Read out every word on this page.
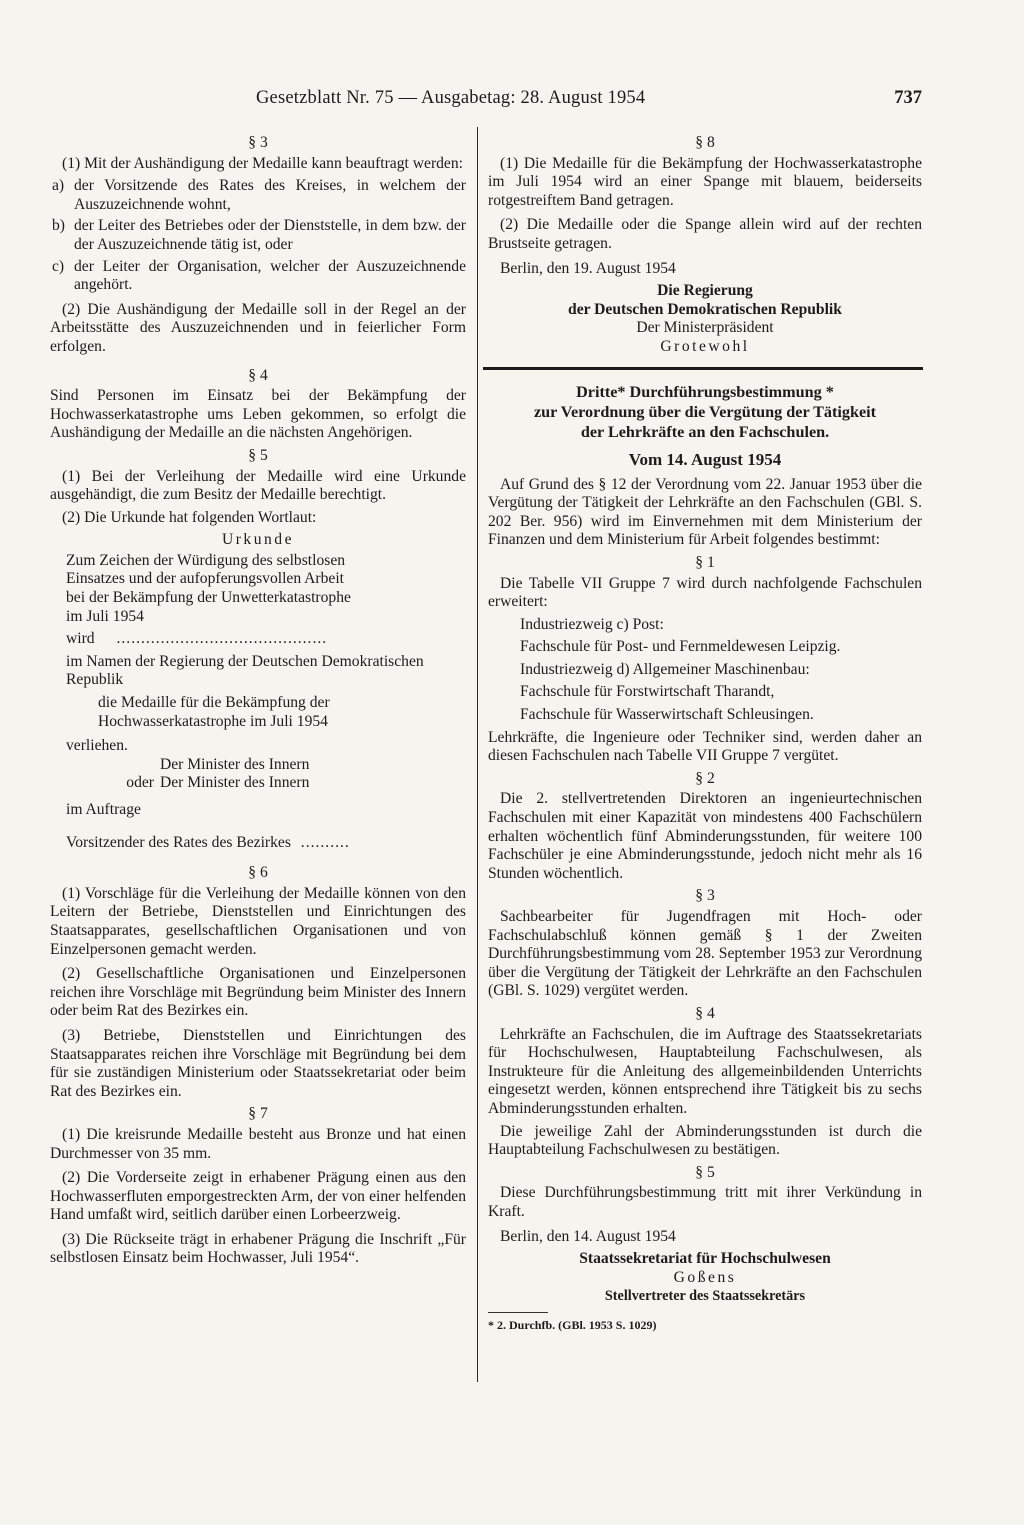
Gesetzblatt Nr. 75 — Ausgabetag: 28. August 1954	737

§ 3

(1) Mit der Aushändigung der Medaille kann beauftragt werden:

a) der Vorsitzende des Rates des Kreises, in welchem der Auszuzeichnende wohnt,
b) der Leiter des Betriebes oder der Dienststelle, in dem bzw. der der Auszuzeichnende tätig ist, oder
c) der Leiter der Organisation, welcher der Auszuzeichnende angehört.

(2) Die Aushändigung der Medaille soll in der Regel an der Arbeitsstätte des Auszuzeichnenden und in feierlicher Form erfolgen.

§ 4

Sind Personen im Einsatz bei der Bekämpfung der Hochwasserkatastrophe ums Leben gekommen, so erfolgt die Aushändigung der Medaille an die nächsten Angehörigen.

§ 5

(1) Bei der Verleihung der Medaille wird eine Urkunde ausgehändigt, die zum Besitz der Medaille berechtigt.

(2) Die Urkunde hat folgenden Wortlaut:

Urkunde

Zum Zeichen der Würdigung des selbstlosen

Einsatzes und der aufopferungsvollen Arbeit

bei der Bekämpfung der Unwetterkatastrophe

im Juli 1954

wird ...........................................

im Namen der Regierung der Deutschen Demokratischen Republik

die Medaille für die Bekämpfung der

Hochwasserkatastrophe im Juli 1954

verliehen.

Der Minister des Innern
oder Der Minister des Innern

im Auftrage

Vorsitzender des Rates des Bezirkes ..........

§ 6

(1) Vorschläge für die Verleihung der Medaille können von den Leitern der Betriebe, Dienststellen und Einrichtungen des Staatsapparates, gesellschaftlichen Organisationen und von Einzelpersonen gemacht werden.

(2) Gesellschaftliche Organisationen und Einzelpersonen reichen ihre Vorschläge mit Begründung beim Minister des Innern oder beim Rat des Bezirkes ein.

(3) Betriebe, Dienststellen und Einrichtungen des Staatsapparates reichen ihre Vorschläge mit Begründung bei dem für sie zuständigen Ministerium oder Staatssekretariat oder beim Rat des Bezirkes ein.

§ 7

(1) Die kreisrunde Medaille besteht aus Bronze und hat einen Durchmesser von 35 mm.

(2) Die Vorderseite zeigt in erhabener Prägung einen aus den Hochwasserfluten emporgestreckten Arm, der von einer helfenden Hand umfaßt wird, seitlich darüber einen Lorbeerzweig.

(3) Die Rückseite trägt in erhabener Prägung die Inschrift „Für selbstlosen Einsatz beim Hochwasser, Juli 1954“.

§ 8

(1) Die Medaille für die Bekämpfung der Hochwasserkatastrophe im Juli 1954 wird an einer Spange mit blauem, beiderseits rotgestreiftem Band getragen.

(2) Die Medaille oder die Spange allein wird auf der rechten Brustseite getragen.

Berlin, den 19. August 1954

Die Regierung

der Deutschen Demokratischen Republik

Der Ministerpräsident

Grotewohl

Dritte* Durchführungsbestimmung *

zur Verordnung über die Vergütung der Tätigkeit

der Lehrkräfte an den Fachschulen.

Vom 14. August 1954

Auf Grund des § 12 der Verordnung vom 22. Januar 1953 über die Vergütung der Tätigkeit der Lehrkräfte an den Fachschulen (GBl. S. 202 Ber. 956) wird im Einvernehmen mit dem Ministerium der Finanzen und dem Ministerium für Arbeit folgendes bestimmt:

§ 1

Die Tabelle VII Gruppe 7 wird durch nachfolgende Fachschulen erweitert:

Industriezweig c) Post:

Fachschule für Post- und Fernmeldewesen Leipzig.

Industriezweig d) Allgemeiner Maschinenbau:

Fachschule für Forstwirtschaft Tharandt,

Fachschule für Wasserwirtschaft Schleusingen.

Lehrkräfte, die Ingenieure oder Techniker sind, werden daher an diesen Fachschulen nach Tabelle VII Gruppe 7 vergütet.

§ 2

Die 2. stellvertretenden Direktoren an ingenieurtechnischen Fachschulen mit einer Kapazität von mindestens 400 Fachschülern erhalten wöchentlich fünf Abminderungsstunden, für weitere 100 Fachschüler je eine Abminderungsstunde, jedoch nicht mehr als 16 Stunden wöchentlich.

§ 3

Sachbearbeiter für Jugendfragen mit Hoch- oder Fachschulabschluß können gemäß § 1 der Zweiten Durchführungsbestimmung vom 28. September 1953 zur Verordnung über die Vergütung der Tätigkeit der Lehrkräfte an den Fachschulen (GBl. S. 1029) vergütet werden.

§ 4

Lehrkräfte an Fachschulen, die im Auftrage des Staatssekretariats für Hochschulwesen, Hauptabteilung Fachschulwesen, als Instrukteure für die Anleitung des allgemeinbildenden Unterrichts eingesetzt werden, können entsprechend ihre Tätigkeit bis zu sechs Abminderungsstunden erhalten.

Die jeweilige Zahl der Abminderungsstunden ist durch die Hauptabteilung Fachschulwesen zu bestätigen.

§ 5

Diese Durchführungsbestimmung tritt mit ihrer Verkündung in Kraft.

Berlin, den 14. August 1954

Staatssekretariat für Hochschulwesen

Goßens

Stellvertreter des Staatssekretärs

* 2. Durchfb. (GBl. 1953 S. 1029)
